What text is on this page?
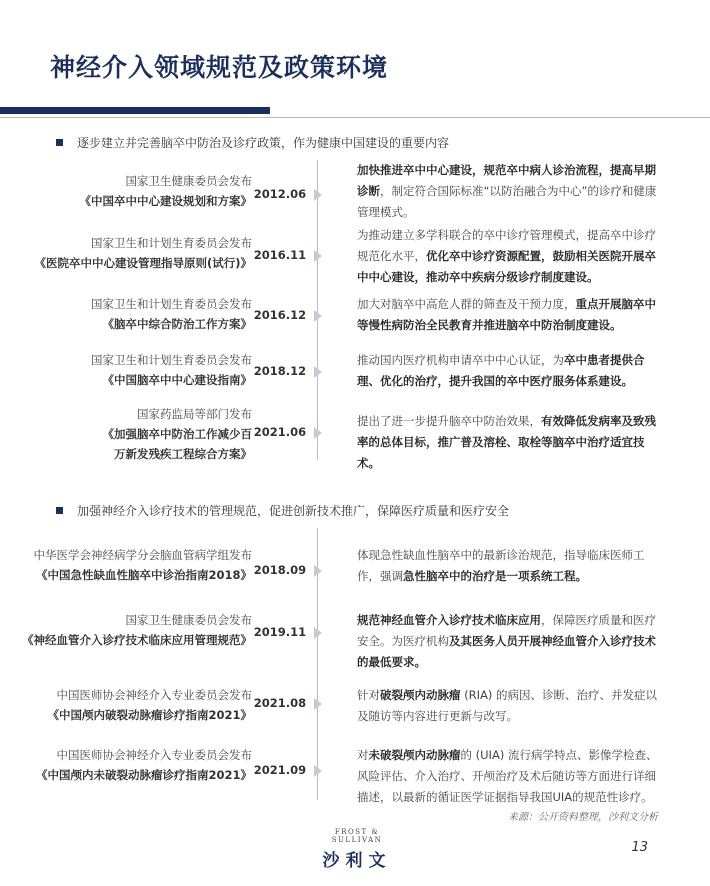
神经介入领域规范及政策环境
逐步建立并完善脑卒中防治及诊疗政策，作为健康中国建设的重要内容
国家卫生健康委员会发布
《中国卒中中心建设规划和方案》 2012.06
加快推进卒中中心建设，规范卒中病人诊治流程，提高早期诊断，制定符合国际标准“以防治融合为中心”的诊疗和健康管理模式。
国家卫生和计划生育委员会发布
《医院卒中中心建设管理指导原则(试行)》
2016.11
为推动建立多学科联合的卒中诊疗管理模式，提高卒中诊疗规范化水平，优化卒中诊疗资源配置，鼓励相关医院开展卒中中心建设，推动卒中疾病分级诊疗制度建设。
国家卫生和计划生育委员会发布
《脑卒中综合防治工作方案》
2016.12
加大对脑卒中高危人群的筛查及干预力度，重点开展脑卒中等慢性病防治全民教育并推进脑卒中防治制度建设。
国家卫生和计划生育委员会发布
《中国脑卒中中心建设指南》
2018.12
推动国内医疗机构申请卒中中心认证，为卒中患者提供合理、优化的治疗，提升我国的卒中医疗服务体系建设。
国家药监局等部门发布
《加强脑卒中防治工作减少百
万新发残疾工程综合方案》
2021.06
提出了进一步提升脑卒中防治效果，有效降低发病率及致残率的总体目标，推广普及溶栓、取栓等脑卒中治疗适宜技术。
加强神经介入诊疗技术的管理规范，促进创新技术推广，保障医疗质量和医疗安全
中华医学会神经病学分会脑血管病学组发布
《中国急性缺血性脑卒中诊治指南2018》 2018.09
体现急性缺血性脑卒中的最新诊治规范，指导临床医师工作，强调急性脑卒中的治疗是一项系统工程。
国家卫生健康委员会发布
《神经血管介入诊疗技术临床应用管理规范》
2019.11
规范神经血管介入诊疗技术临床应用，保障医疗质量和医疗安全。为医疗机构及其医务人员开展神经血管介入诊疗技术的最低要求。
中国医师协会神经介入专业委员会发布
《中国颅内破裂动脉瘤诊疗指南2021》
2021.08
针对破裂颅内动脉瘤 (RIA) 的病因、诊断、治疗、并发症以及随访等内容进行更新与改写。
中国医师协会神经介入专业委员会发布
《中国颅内未破裂动脉瘤诊疗指南2021》 2021.09
对未破裂颅内动脉瘤的 (UIA) 流行病学特点、影像学检查、风险评估、介入治疗、开颅治疗及术后随访等方面进行详细描述，以最新的循证医学证据指导我国UIA的规范性诊疗。
来源：公开资料整理，沙利文分析
FROST & SULLIVAN
沙利文
13
